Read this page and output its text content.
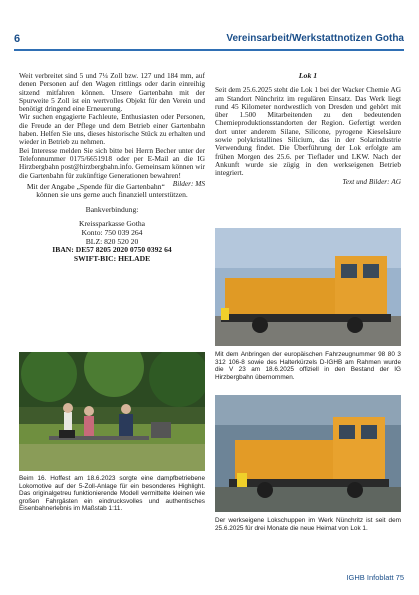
6	Vereinsarbeit/Werkstattnotizen Gotha

Weit verbreitet sind 5 und 7¼ Zoll bzw. 127 und 184 mm, auf denen Personen auf den Wagen rittlings oder darin einreihig sitzend mitfahren können. Unsere Gartenbahn mit der Spurweite 5 Zoll ist ein wertvolles Objekt für den Verein und benötigt dringend eine Erneuerung.

Wir suchen engagierte Fachleute, Enthusiasten oder Personen, die Freude an der Pflege und dem Betrieb einer Gartenbahn haben. Helfen Sie uns, dieses historische Stück zu erhalten und wieder in Betrieb zu nehmen.

Bei Interesse melden Sie sich bitte bei Herrn Becher unter der Telefonnummer 0175/6651918 oder per E-Mail an die IG Hirzbergbahn post@hirzbergbahn.info. Gemeinsam können wir die Gartenbahn für zukünftige Generationen bewahren!
Bilder: MS

Mit der Angabe „Spende für die Gartenbahn“ können sie uns gerne auch finanziell unterstützen.

Bankverbindung:

Kreissparkasse Gotha

Konto: 750 039 264

BLZ: 820 520 20

IBAN: DE57 8205 2020 0750 0392 64

SWIFT-BIC: HELADE

Lok 1

Seit dem 25.6.2025 steht die Lok 1 bei der Wacker Chemie AG am Standort Nünchritz im regulären Einsatz. Das Werk liegt rund 45 Kilometer nordwestlich von Dresden und gehört mit über 1.500 Mitarbeitenden zu den bedeutenden Chemieproduktionsstandorten der Region. Gefertigt werden dort unter anderem Silane, Silicone, pyrogene Kieselsäure sowie polykristallines Silicium, das in der Solarindustrie Verwendung findet. Die Überführung der Lok erfolgte am frühen Morgen des 25.6. per Tieflader und LKW. Nach der Ankunft wurde sie zügig in den werkseigenen Betrieb integriert.

Text und Bilder: AG

Beim 16. Hoffest am 18.6.2023 sorgte eine dampfbetriebene Lokomotive auf der 5-Zoll-Anlage für ein besonderes Highlight. Das originalgetreu funktionierende Modell vermittelte kleinen wie großen Fahrgästen ein eindrucksvolles und authentisches Eisenbahnerlebnis im Maßstab 1:11.
Mit dem Anbringen der europäischen Fahrzeugnummer 98 80 3 312 106-8 sowie des Halterkürzels D-IGHB am Rahmen wurde die V 23 am 18.6.2025 offiziell in den Bestand der IG Hirzbergbahn übernommen.
Der werkseigene Lokschuppen im Werk Nünchritz ist seit dem 25.6.2025 für drei Monate die neue Heimat von Lok 1.
IGHB Infoblatt 75
